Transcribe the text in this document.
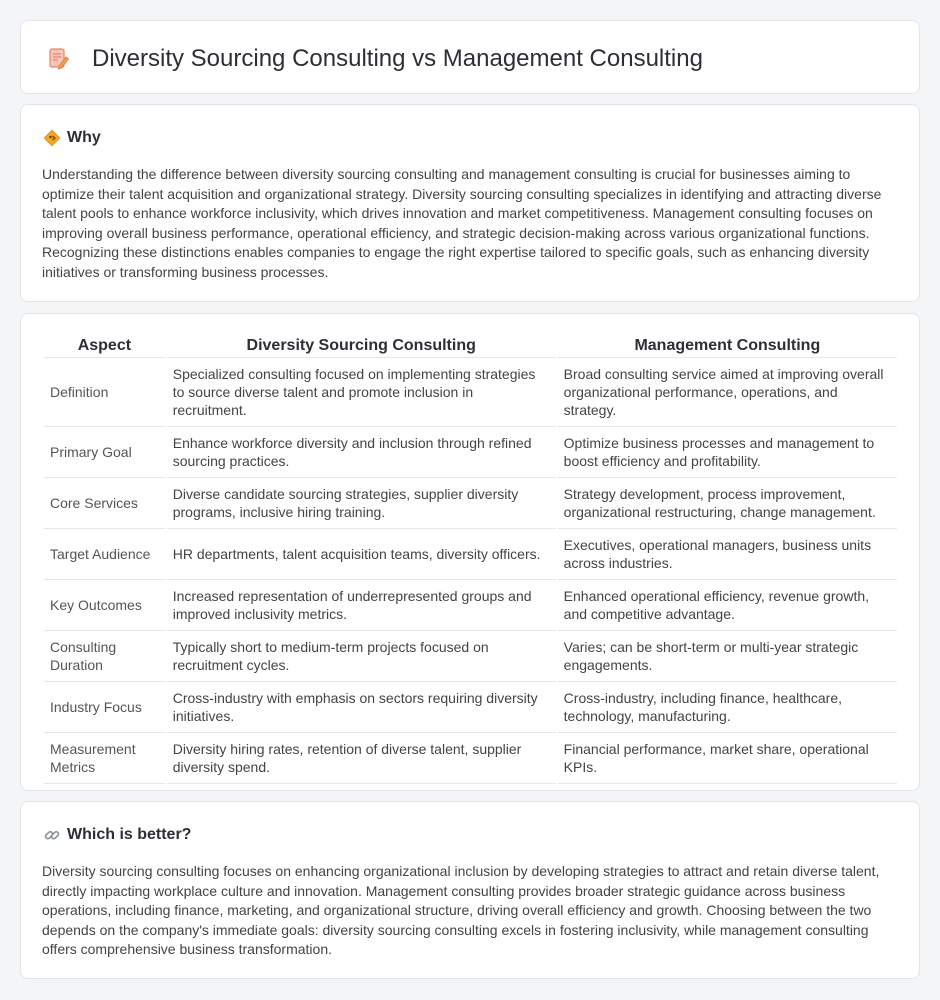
Diversity Sourcing Consulting vs Management Consulting
Why

Understanding the difference between diversity sourcing consulting and management consulting is crucial for businesses aiming to optimize their talent acquisition and organizational strategy. Diversity sourcing consulting specializes in identifying and attracting diverse talent pools to enhance workforce inclusivity, which drives innovation and market competitiveness. Management consulting focuses on improving overall business performance, operational efficiency, and strategic decision-making across various organizational functions. Recognizing these distinctions enables companies to engage the right expertise tailored to specific goals, such as enhancing diversity initiatives or transforming business processes.

Aspect	Diversity Sourcing Consulting	Management Consulting
Definition	Specialized consulting focused on implementing strategies to source diverse talent and promote inclusion in recruitment.	Broad consulting service aimed at improving overall organizational performance, operations, and strategy.
Primary Goal	Enhance workforce diversity and inclusion through refined sourcing practices.	Optimize business processes and management to boost efficiency and profitability.
Core Services	Diverse candidate sourcing strategies, supplier diversity programs, inclusive hiring training.	Strategy development, process improvement, organizational restructuring, change management.
Target Audience	HR departments, talent acquisition teams, diversity officers.	Executives, operational managers, business units across industries.
Key Outcomes	Increased representation of underrepresented groups and improved inclusivity metrics.	Enhanced operational efficiency, revenue growth, and competitive advantage.
Consulting Duration	Typically short to medium-term projects focused on recruitment cycles.	Varies; can be short-term or multi-year strategic engagements.
Industry Focus	Cross-industry with emphasis on sectors requiring diversity initiatives.	Cross-industry, including finance, healthcare, technology, manufacturing.
Measurement Metrics	Diversity hiring rates, retention of diverse talent, supplier diversity spend.	Financial performance, market share, operational KPIs.
Which is better?

Diversity sourcing consulting focuses on enhancing organizational inclusion by developing strategies to attract and retain diverse talent, directly impacting workplace culture and innovation. Management consulting provides broader strategic guidance across business operations, including finance, marketing, and organizational structure, driving overall efficiency and growth. Choosing between the two depends on the company's immediate goals: diversity sourcing consulting excels in fostering inclusivity, while management consulting offers comprehensive business transformation.
